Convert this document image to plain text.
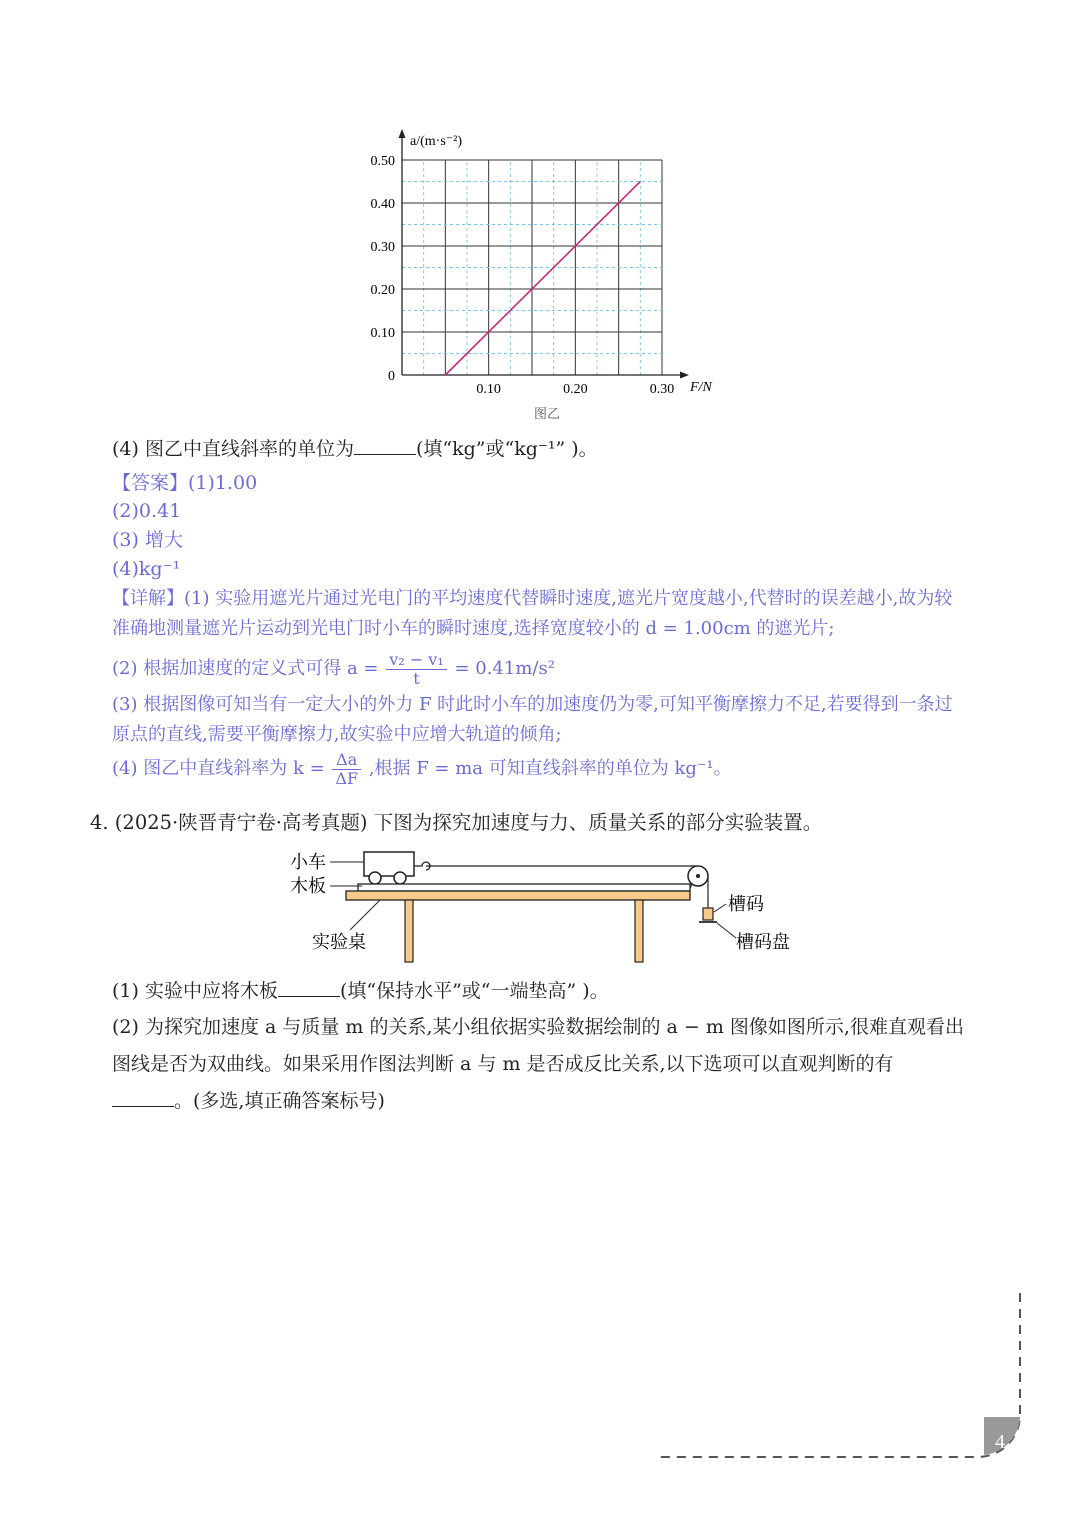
0.50
0.40
0.30
0.20
0.10
0
0.10	0.20	0.30
a/(m·s⁻²)
F/N
图乙
(4) 图乙中直线斜率的单位为	(填“kg”或“kg⁻¹” )。
【答案】(1)1.00
(2)0.41
(3) 增大
(4)kg⁻¹
【详解】(1) 实验用遮光片通过光电门的平均速度代替瞬时速度,遮光片宽度越小,代替时的误差越小,故为较
准确地测量遮光片运动到光电门时小车的瞬时速度,选择宽度较小的 d = 1.00cm 的遮光片;
(2) 根据加速度的定义式可得 $a = \frac{\text{v₂ − v₁}}{t} = 0.41m/s^2$
(3) 根据图像可知当有一定大小的外力 F 时此时小车的加速度仍为零,可知平衡摩擦力不足,若要得到一条过
原点的直线,需要平衡摩擦力,故实验中应增大轨道的倾角;
(4) 图乙中直线斜率为 $k = \frac{\Delta a}{\Delta F}$ ,根据 F = ma 可知直线斜率的单位为 kg⁻¹。
4. (2025·陕晋青宁卷·高考真题) 下图为探究加速度与力、质量关系的部分实验装置。
小车
木板
实验桌
槽码
槽码盘
(1) 实验中应将木板	(填“保持水平”或“一端垫高” )。
(2) 为探究加速度 a 与质量 m 的关系,某小组依据实验数据绘制的 a − m 图像如图所示,很难直观看出
图线是否为双曲线。如果采用作图法判断 a 与 m 是否成反比关系,以下选项可以直观判断的有
。(多选,填正确答案标号)
4
